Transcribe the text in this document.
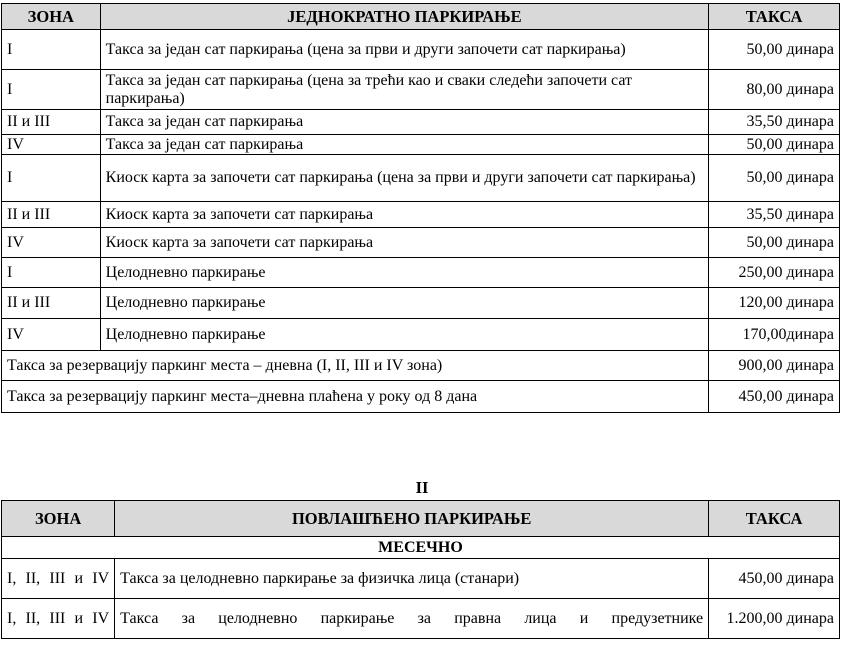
ЗОНА	ЈЕДНОКРАТНО ПАРКИРАЊЕ	ТАКСА
I	Такса за један сат паркирања (цена за први и други започети сат паркирања)	50,00 динара
I	Такса за један сат паркирања (цена за трећи као и сваки следећи започети сат паркирања)	80,00 динара
II и III	Такса за један сат паркирања	35,50 динара
IV	Такса за један сат паркирања	50,00 динара
I	Киоск карта за започети сат паркирања (цена за први и други започети сат паркирања)	50,00 динара
II и III	Киоск карта за започети сат паркирања	35,50 динара
IV	Киоск карта за започети сат паркирања	50,00 динара
I	Целодневно паркирање	250,00 динара
II и III	Целодневно паркирање	120,00 динара
IV	Целодневно паркирање	170,00динара
Такса за резервацију паркинг места – дневна (I, II, III и IV зона)		900,00 динара
Такса за резервацију паркинг места–дневна плаћена у року од 8 дана		450,00 динара
II
ЗОНА	ПОВЛАШЋЕНО ПАРКИРАЊЕ	ТАКСА
МЕСЕЧНО		
I, II, III и IV	Такса за целодневно паркирање за физичка лица (станари)	450,00 динара
I, II, III и IV	Такса за целодневно паркирање за правна лица и предузетнике	1.200,00 динара
